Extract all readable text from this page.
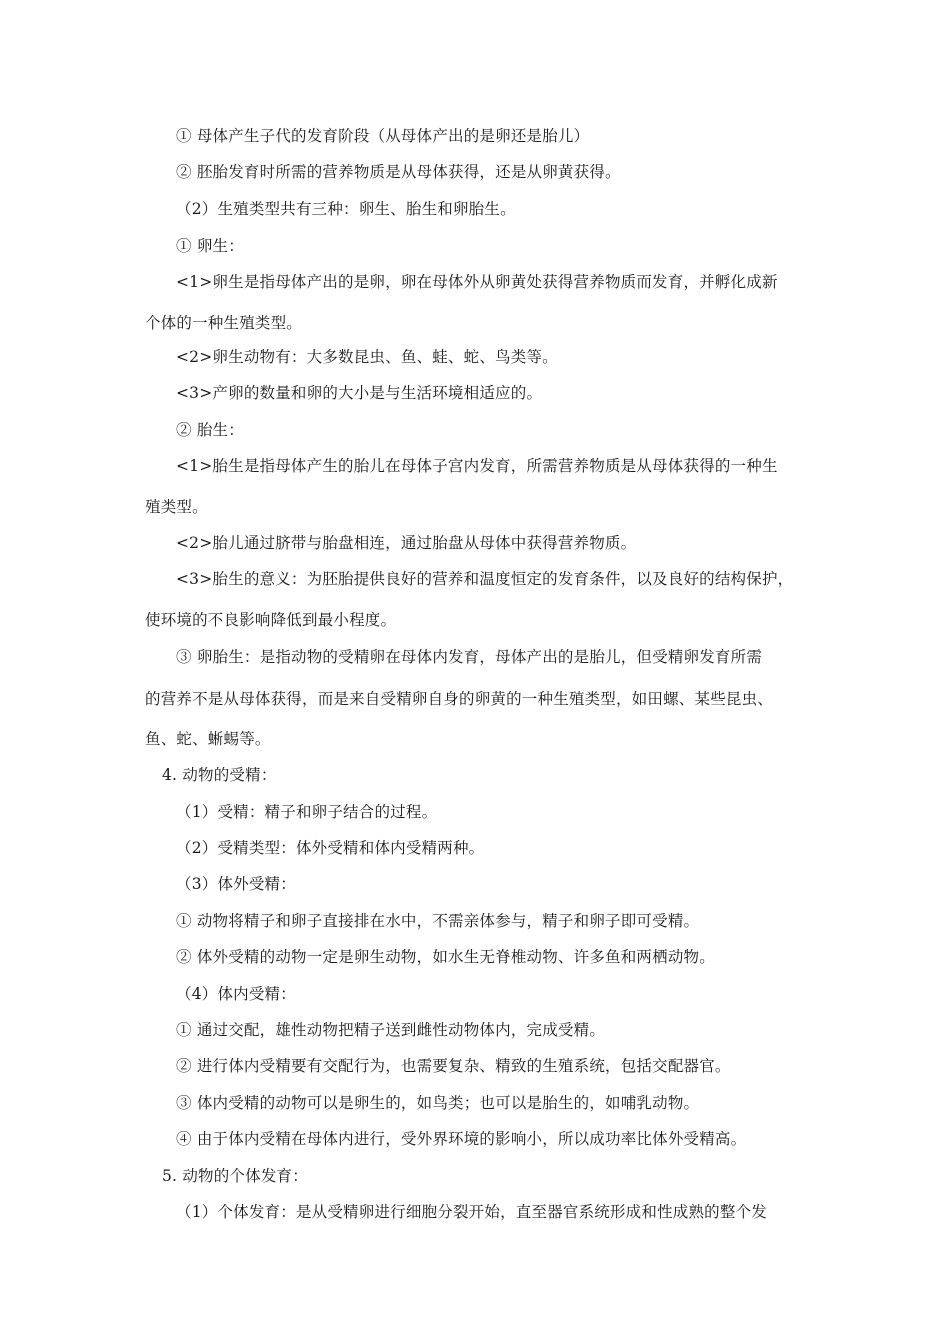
① 母体产生子代的发育阶段（从母体产出的是卵还是胎儿）
② 胚胎发育时所需的营养物质是从母体获得，还是从卵黄获得。
（2）生殖类型共有三种：卵生、胎生和卵胎生。
① 卵生：
<1>卵生是指母体产出的是卵，卵在母体外从卵黄处获得营养物质而发育，并孵化成新
个体的一种生殖类型。
<2>卵生动物有：大多数昆虫、鱼、蛙、蛇、鸟类等。
<3>产卵的数量和卵的大小是与生活环境相适应的。
② 胎生：
<1>胎生是指母体产生的胎儿在母体子宫内发育，所需营养物质是从母体获得的一种生
殖类型。
<2>胎儿通过脐带与胎盘相连，通过胎盘从母体中获得营养物质。
<3>胎生的意义：为胚胎提供良好的营养和温度恒定的发育条件，以及良好的结构保护，
使环境的不良影响降低到最小程度。
③ 卵胎生：是指动物的受精卵在母体内发育，母体产出的是胎儿，但受精卵发育所需
的营养不是从母体获得，而是来自受精卵自身的卵黄的一种生殖类型，如田螺、某些昆虫、
鱼、蛇、蜥蜴等。
4. 动物的受精：
（1）受精：精子和卵子结合的过程。
（2）受精类型：体外受精和体内受精两种。
（3）体外受精：
① 动物将精子和卵子直接排在水中，不需亲体参与，精子和卵子即可受精。
② 体外受精的动物一定是卵生动物，如水生无脊椎动物、许多鱼和两栖动物。
（4）体内受精：
① 通过交配，雄性动物把精子送到雌性动物体内，完成受精。
② 进行体内受精要有交配行为，也需要复杂、精致的生殖系统，包括交配器官。
③ 体内受精的动物可以是卵生的，如鸟类；也可以是胎生的，如哺乳动物。
④ 由于体内受精在母体内进行，受外界环境的影响小，所以成功率比体外受精高。
5. 动物的个体发育：
（1）个体发育：是从受精卵进行细胞分裂开始，直至器官系统形成和性成熟的整个发
